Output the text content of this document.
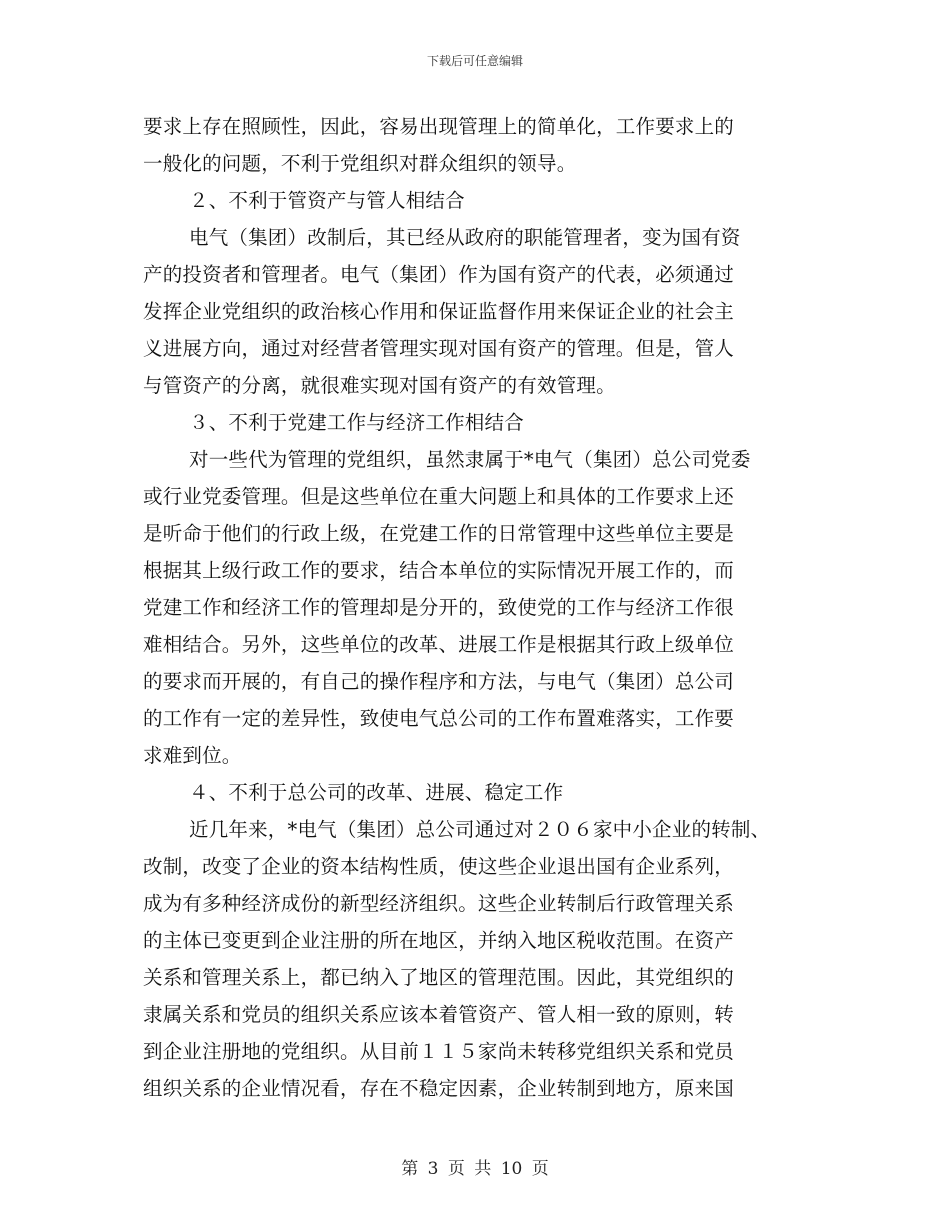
下载后可任意编辑
要求上存在照顾性，因此，容易出现管理上的简单化，工作要求上的
一般化的问题，不利于党组织对群众组织的领导。
２、不利于管资产与管人相结合
电气（集团）改制后，其已经从政府的职能管理者，变为国有资
产的投资者和管理者。电气（集团）作为国有资产的代表，必须通过
发挥企业党组织的政治核心作用和保证监督作用来保证企业的社会主
义进展方向，通过对经营者管理实现对国有资产的管理。但是，管人
与管资产的分离，就很难实现对国有资产的有效管理。
３、不利于党建工作与经济工作相结合
对一些代为管理的党组织，虽然隶属于*电气（集团）总公司党委
或行业党委管理。但是这些单位在重大问题上和具体的工作要求上还
是听命于他们的行政上级，在党建工作的日常管理中这些单位主要是
根据其上级行政工作的要求，结合本单位的实际情况开展工作的，而
党建工作和经济工作的管理却是分开的，致使党的工作与经济工作很
难相结合。另外，这些单位的改革、进展工作是根据其行政上级单位
的要求而开展的，有自己的操作程序和方法，与电气（集团）总公司
的工作有一定的差异性，致使电气总公司的工作布置难落实，工作要
求难到位。
４、不利于总公司的改革、进展、稳定工作
近几年来，*电气（集团）总公司通过对２０６家中小企业的转制、
改制，改变了企业的资本结构性质，使这些企业退出国有企业系列，
成为有多种经济成份的新型经济组织。这些企业转制后行政管理关系
的主体已变更到企业注册的所在地区，并纳入地区税收范围。在资产
关系和管理关系上，都已纳入了地区的管理范围。因此，其党组织的
隶属关系和党员的组织关系应该本着管资产、管人相一致的原则，转
到企业注册地的党组织。从目前１１５家尚未转移党组织关系和党员
组织关系的企业情况看，存在不稳定因素，企业转制到地方，原来国
第 3 页 共 10 页
